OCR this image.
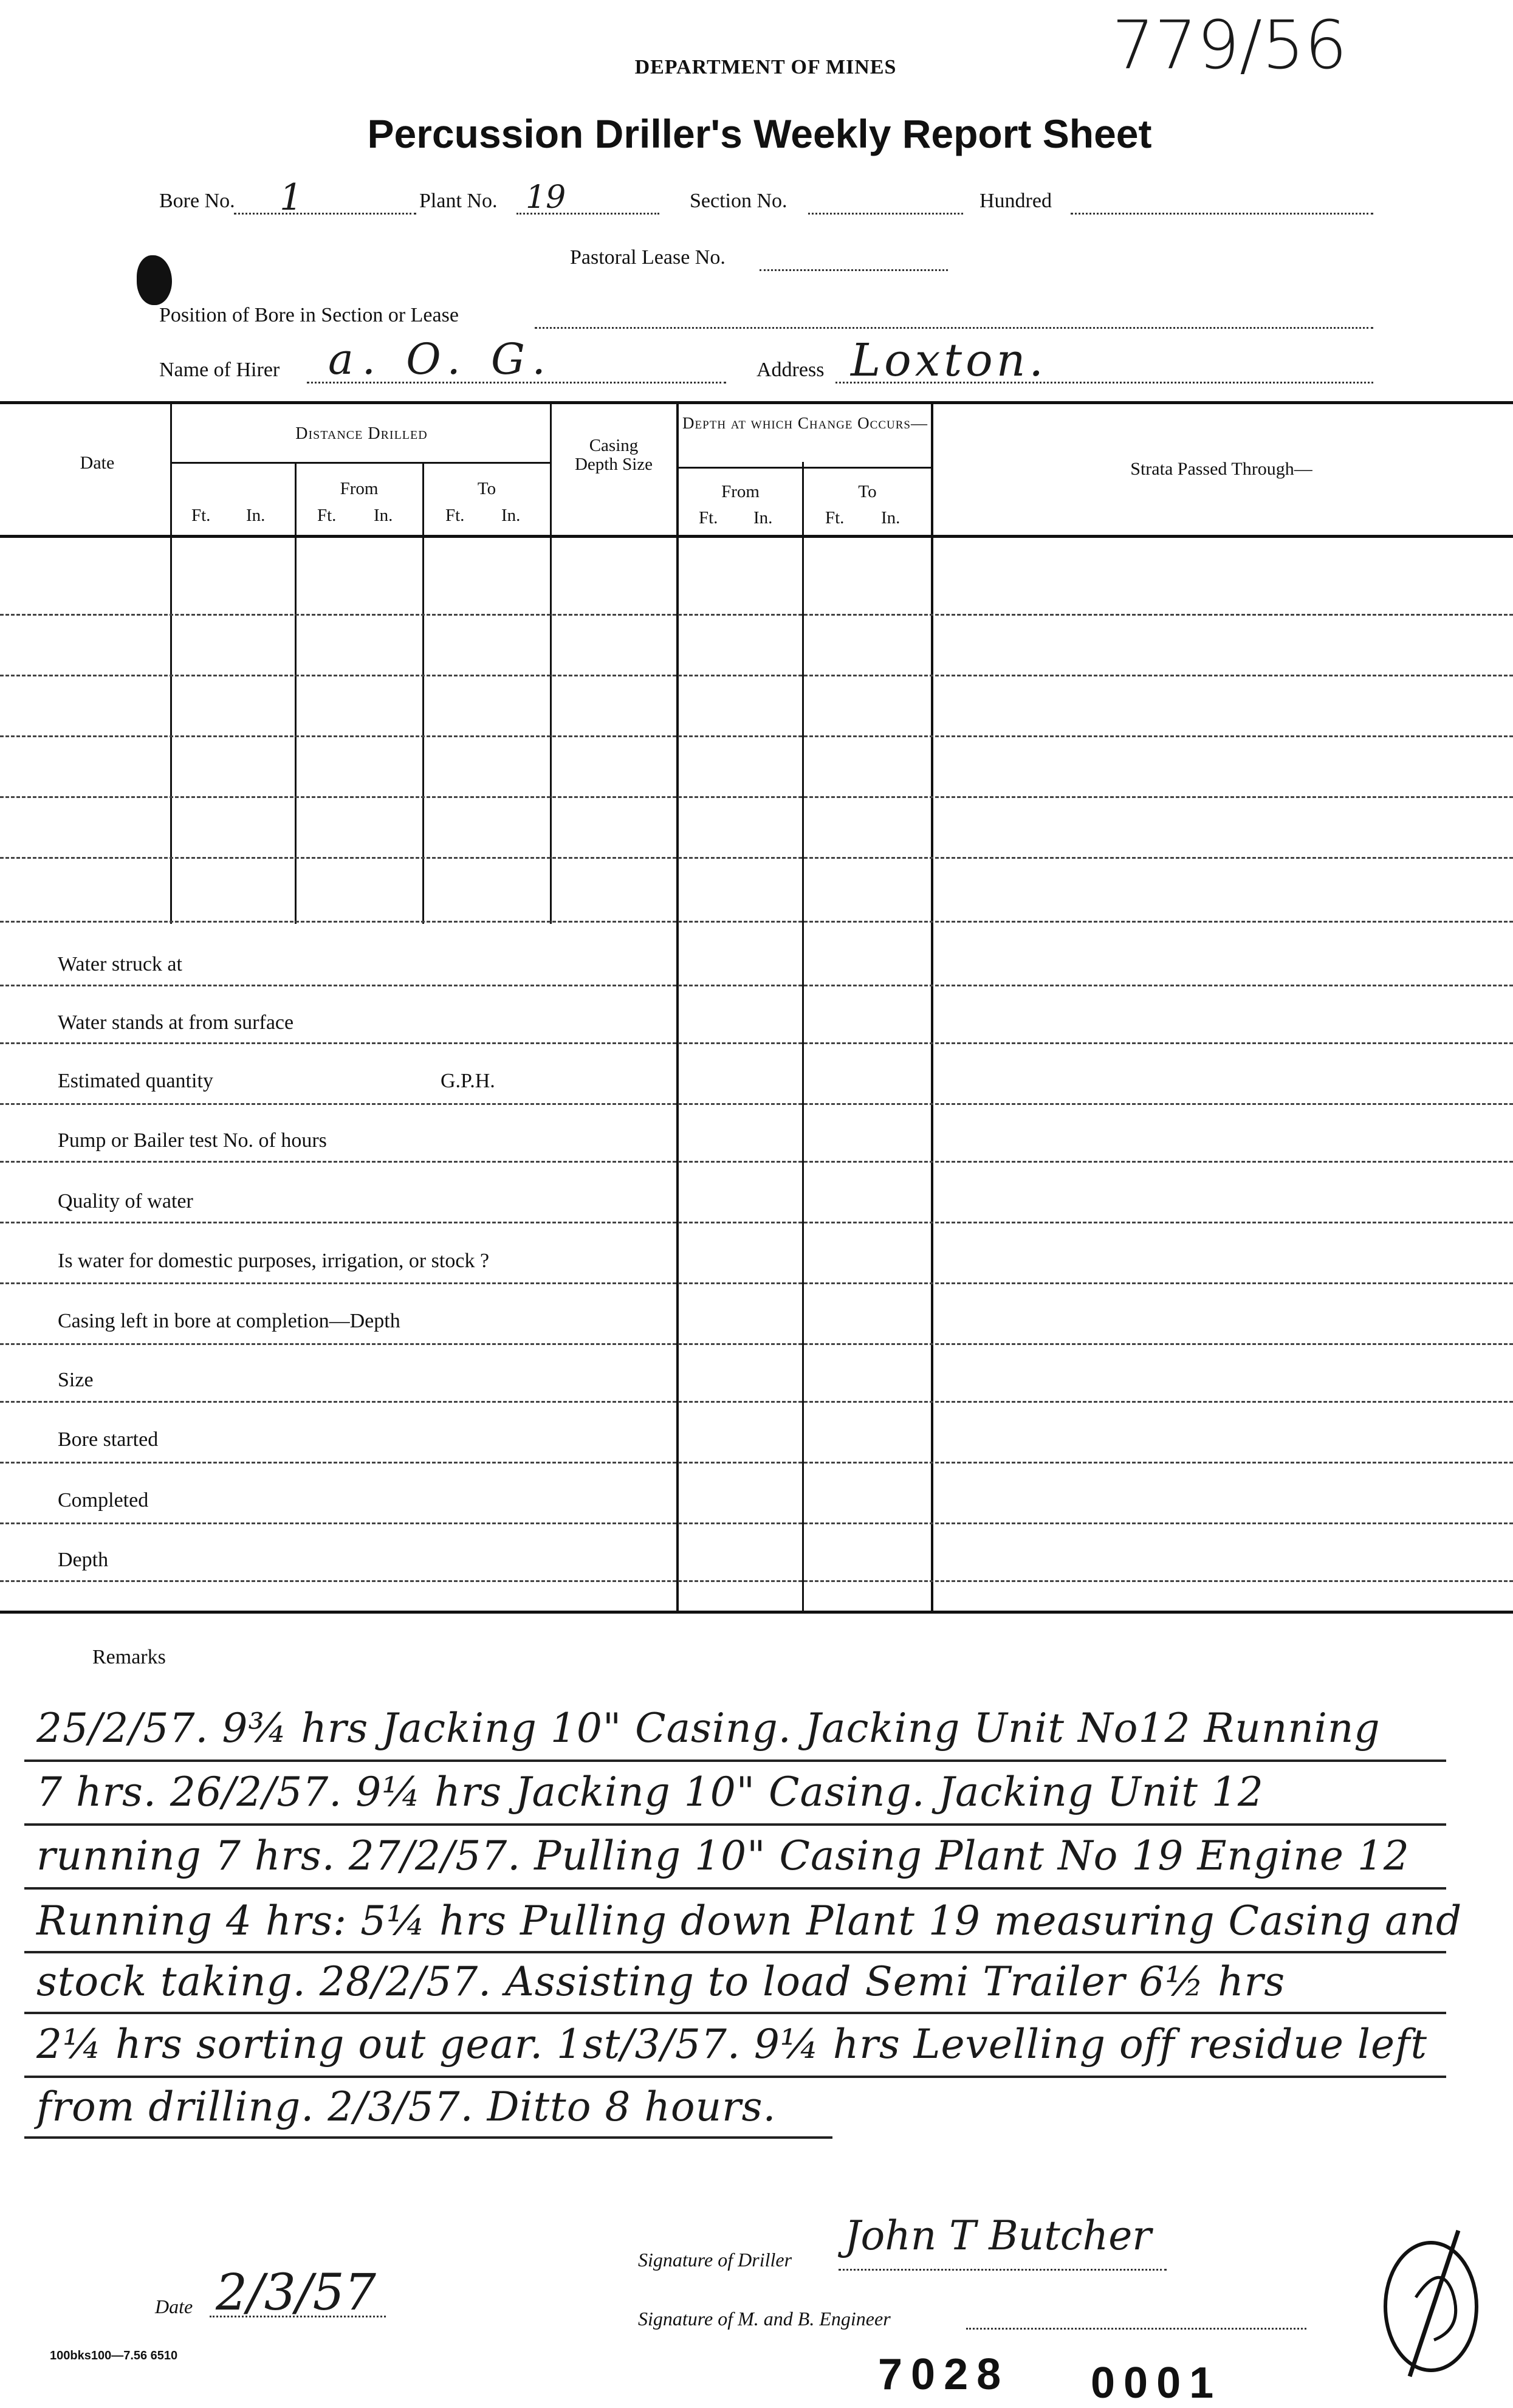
779/56
DEPARTMENT OF MINES
Percussion Driller's Weekly Report Sheet
Bore No. 1	Plant No. 19	Section No.	Hundred
Pastoral Lease No.
Position of Bore in Section or Lease
Name of Hirer a. O. G.	Address Loxton.
Date
Distance Drilled
Ft. In.
From
Ft. In.
To
Ft. In.
Casing Depth Size
Depth at which Change Occurs—
From
Ft. In.
To
Ft. In.
Strata Passed Through—
Water struck at
Water stands at from surface
Estimated quantity	G.P.H.
Pump or Bailer test No. of hours
Quality of water
Is water for domestic purposes, irrigation, or stock ?
Casing left in bore at completion—Depth
Size
Bore started
Completed
Depth
Remarks
25/2/57. 9¾ hrs Jacking 10" Casing. Jacking Unit No12 Running
7 hrs. 26/2/57. 9¼ hrs Jacking 10" Casing. Jacking Unit 12
running 7 hrs. 27/2/57. Pulling 10" Casing Plant No 19 Engine 12
Running 4 hrs: 5¼ hrs Pulling down Plant 19 measuring Casing and
stock taking. 28/2/57. Assisting to load Semi Trailer 6½ hrs
2¼ hrs sorting out gear. 1st/3/57. 9¼ hrs Levelling off residue left
from drilling. 2/3/57. Ditto 8 hours.
Signature of Driller
John T Butcher
Signature of M. and B. Engineer
Date 2/3/57
100bks100—7.56 6510	7028 0001
